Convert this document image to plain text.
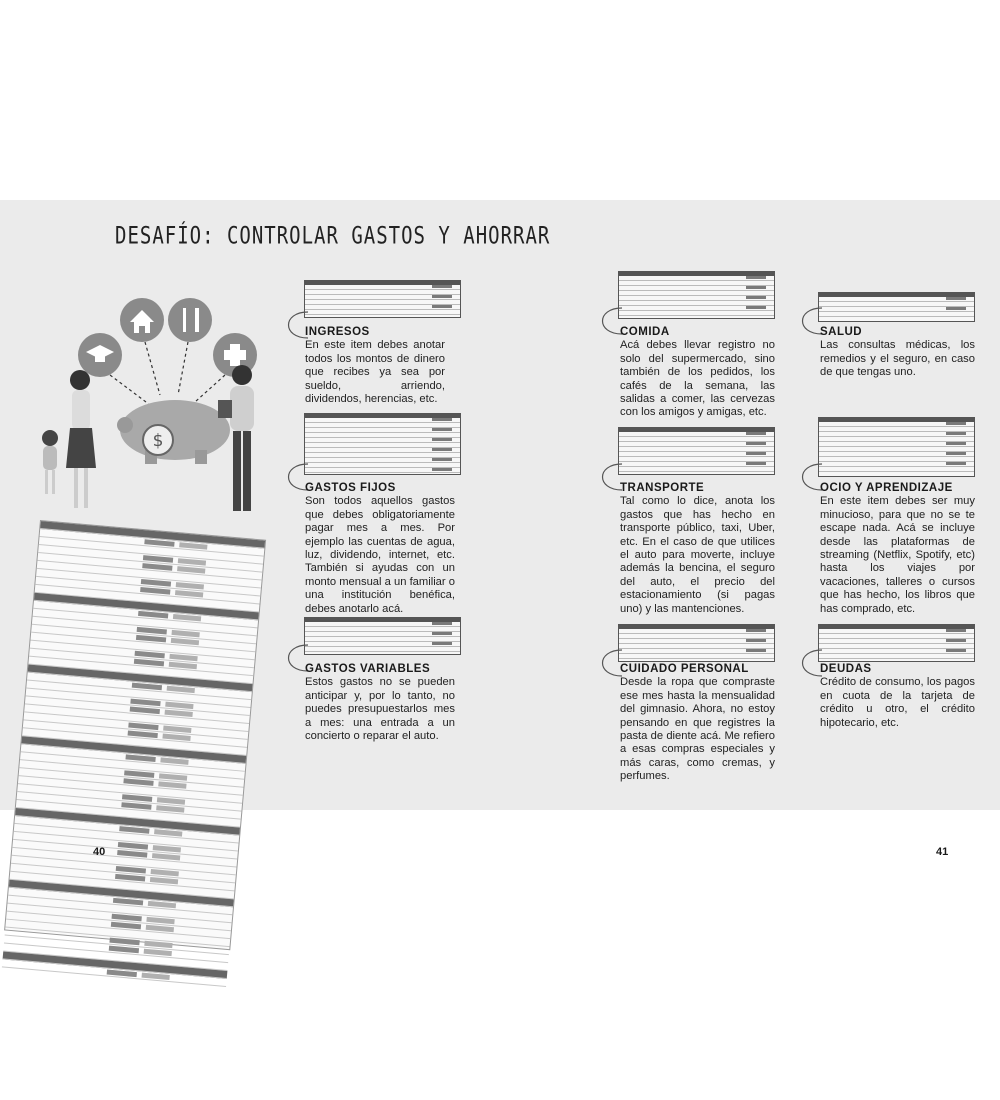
DESAFÍO: CONTROLAR GASTOS Y AHORRAR
$
INGRESOS

En este item debes anotar todos los montos de dinero que recibes ya sea por sueldo, arriendo, dividendos, herencias, etc.

GASTOS FIJOS

Son todos aquellos gastos que debes obligatoriamente pagar mes a mes. Por ejemplo las cuentas de agua, luz, dividendo, internet, etc. También si ayudas con un monto mensual a un familiar o una institución benéfica, debes anotarlo acá.

GASTOS VARIABLES

Estos gastos no se pueden anticipar y, por lo tanto, no puedes presupuestarlos mes a mes: una entrada a un concierto o reparar el auto.

COMIDA

Acá debes llevar registro no solo del supermercado, sino también de los pedidos, los cafés de la semana, las salidas a comer, las cervezas con los amigos y amigas, etc.

TRANSPORTE

Tal como lo dice, anota los gastos que has hecho en transporte público, taxi, Uber, etc. En el caso de que utilices el auto para moverte, incluye además la bencina, el seguro del auto, el precio del estacionamiento (si pagas uno) y las mantenciones.

CUIDADO PERSONAL

Desde la ropa que compraste ese mes hasta la mensualidad del gimnasio. Ahora, no estoy pensando en que registres la pasta de diente acá. Me refiero a esas compras especiales y más caras, como cremas, y perfumes.

SALUD

Las consultas médicas, los remedios y el seguro, en caso de que tengas uno.

OCIO Y APRENDIZAJE

En este item debes ser muy minucioso, para que no se te escape nada. Acá se incluye desde las plataformas de streaming (Netflix, Spotify, etc) hasta los viajes por vacaciones, talleres o cursos que has hecho, los libros que has comprado, etc.

DEUDAS

Crédito de consumo, los pagos en cuota de la tarjeta de crédito u otro, el crédito hipotecario, etc.

40	41
